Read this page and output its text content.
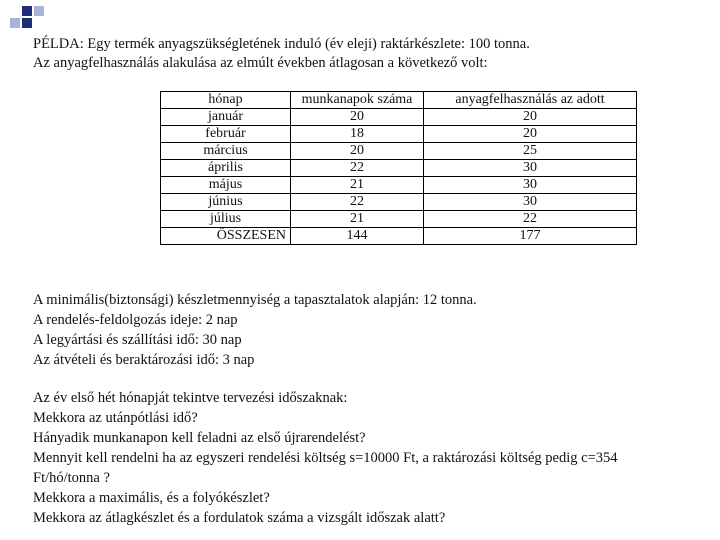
PÉLDA: Egy termék anyagszükségletének induló (év eleji) raktárkészlete: 100 tonna.
Az anyagfelhasználás alakulása az elmúlt években átlagosan a következő volt:
hónap	munkanapok száma	anyagfelhasználás az adott
január	20	20
február	18	20
március	20	25
április	22	30
május	21	30
június	22	30
július	21	22
ÖSSZESEN	144	177
A minimális(biztonsági) készletmennyiség a tapasztalatok alapján: 12 tonna.
A rendelés-feldolgozás ideje: 2 nap
A legyártási és szállítási idő: 30 nap
Az átvételi és beraktározási idő: 3 nap
Az év első hét hónapját tekintve tervezési időszaknak:
Mekkora az utánpótlási idő?
Hányadik munkanapon kell feladni az első újrarendelést?
Mennyit kell rendelni ha az egyszeri rendelési költség s=10000 Ft, a raktározási költség pedig c=354
Ft/hó/tonna ?
Mekkora a maximális, és a folyókészlet?
Mekkora az átlagkészlet és a fordulatok száma a vizsgált időszak alatt?
